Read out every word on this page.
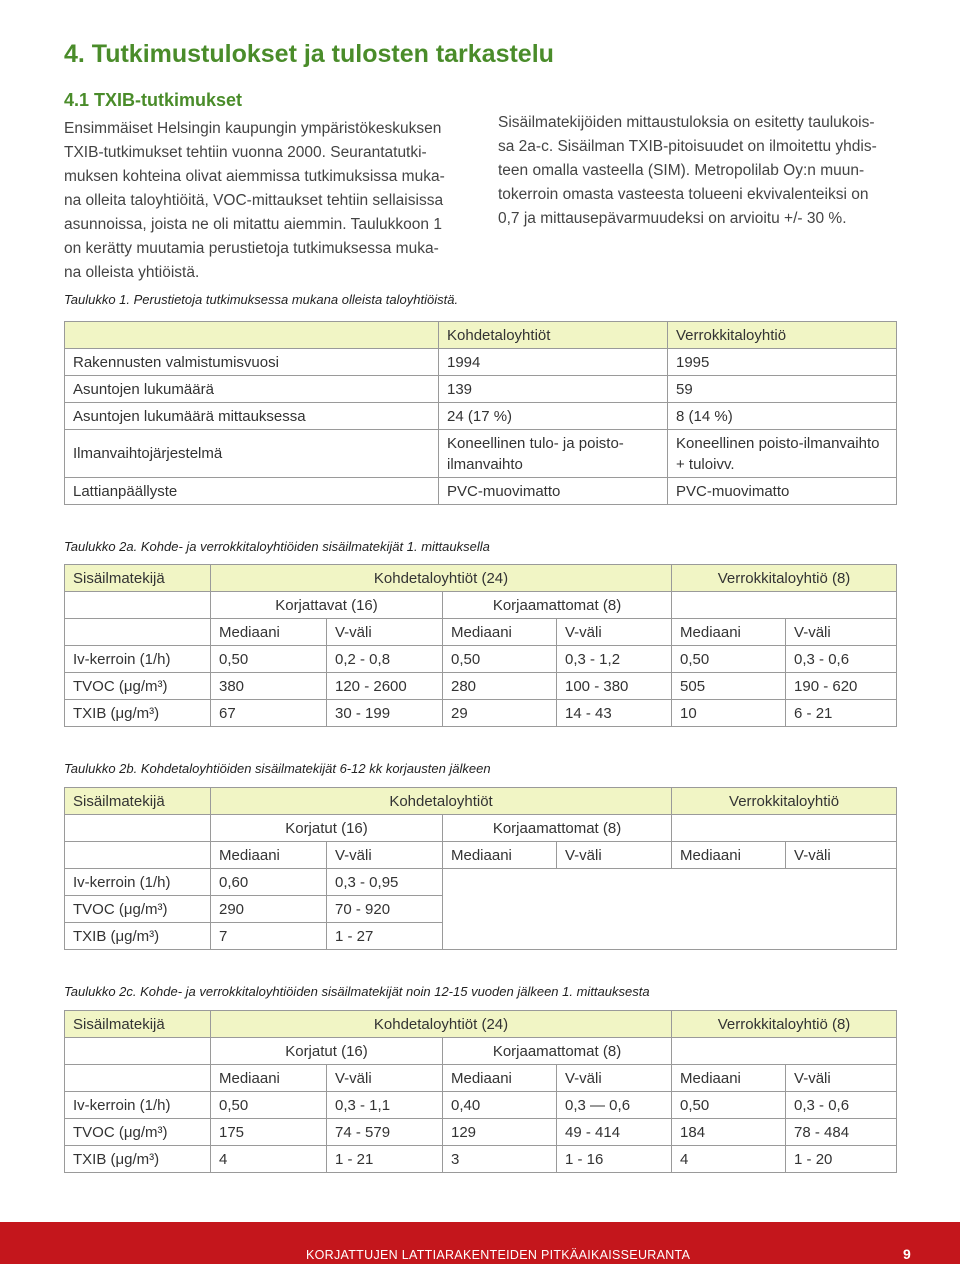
4. Tutkimustulokset ja tulosten tarkastelu
4.1 TXIB-tutkimukset
Ensimmäiset Helsingin kaupungin ympäristökeskuksen
TXIB-tutkimukset tehtiin vuonna 2000. Seurantatutki-
muksen kohteina olivat aiemmissa tutkimuksissa muka-
na olleita taloyhtiöitä, VOC-mittaukset tehtiin sellaisissa
asunnoissa, joista ne oli mitattu aiemmin. Taulukkoon 1
on kerätty muutamia perustietoja tutkimuksessa muka-
na olleista yhtiöistä.
Sisäilmatekijöiden mittaustuloksia on esitetty taulukois-
sa 2a-c. Sisäilman TXIB-pitoisuudet on ilmoitettu yhdis-
teen omalla vasteella (SIM). Metropolilab Oy:n muun-
tokerroin omasta vasteesta tolueeni ekvivalenteiksi on
0,7 ja mittausepävarmuudeksi on arvioitu +/- 30 %.
Taulukko 1. Perustietoja tutkimuksessa mukana olleista taloyhtiöistä.
	Kohdetaloyhtiöt	Verrokkitaloyhtiö
Rakennusten valmistumisvuosi	1994	1995
Asuntojen lukumäärä	139	59
Asuntojen lukumäärä mittauksessa	24 (17 %)	8 (14 %)
Ilmanvaihtojärjestelmä	Koneellinen tulo- ja poisto-ilmanvaihto	Koneellinen poisto-ilmanvaihto + tuloivv.
Lattianpäällyste	PVC-muovimatto	PVC-muovimatto
Taulukko 2a. Kohde- ja verrokkitaloyhtiöiden sisäilmatekijät 1. mittauksella
Sisäilmatekijä	Kohdetaloyhtiöt (24)				Verrokkitaloyhtiö (8)	
	Korjattavat (16)		Korjaamattomat (8)			
	Mediaani	V-väli	Mediaani	V-väli	Mediaani	V-väli
Iv-kerroin (1/h)	0,50	0,2 - 0,8	0,50	0,3 - 1,2	0,50	0,3 - 0,6
TVOC (μg/m³)	380	120 - 2600	280	100 - 380	505	190 - 620
TXIB (μg/m³)	67	30 - 199	29	14 - 43	10	6 - 21
Taulukko 2b. Kohdetaloyhtiöiden sisäilmatekijät 6-12 kk korjausten jälkeen
Sisäilmatekijä	Kohdetaloyhtiöt				Verrokkitaloyhtiö	
	Korjatut (16)		Korjaamattomat (8)			
	Mediaani	V-väli	Mediaani	V-väli	Mediaani	V-väli
Iv-kerroin (1/h)	0,60	0,3 - 0,95				
TVOC (μg/m³)	290	70 - 920				
TXIB (μg/m³)	7	1 - 27				
Taulukko 2c. Kohde- ja verrokkitaloyhtiöiden sisäilmatekijät noin 12-15 vuoden jälkeen 1. mittauksesta
Sisäilmatekijä	Kohdetaloyhtiöt (24)				Verrokkitaloyhtiö (8)	
	Korjatut (16)		Korjaamattomat (8)			
	Mediaani	V-väli	Mediaani	V-väli	Mediaani	V-väli
Iv-kerroin (1/h)	0,50	0,3 - 1,1	0,40	0,3 — 0,6	0,50	0,3 - 0,6
TVOC (μg/m³)	175	74 - 579	129	49 - 414	184	78 - 484
TXIB (μg/m³)	4	1 - 21	3	1 - 16	4	1 - 20
KORJATTUJEN LATTIARAKENTEIDEN PITKÄAIKAISSEURANTA	9
